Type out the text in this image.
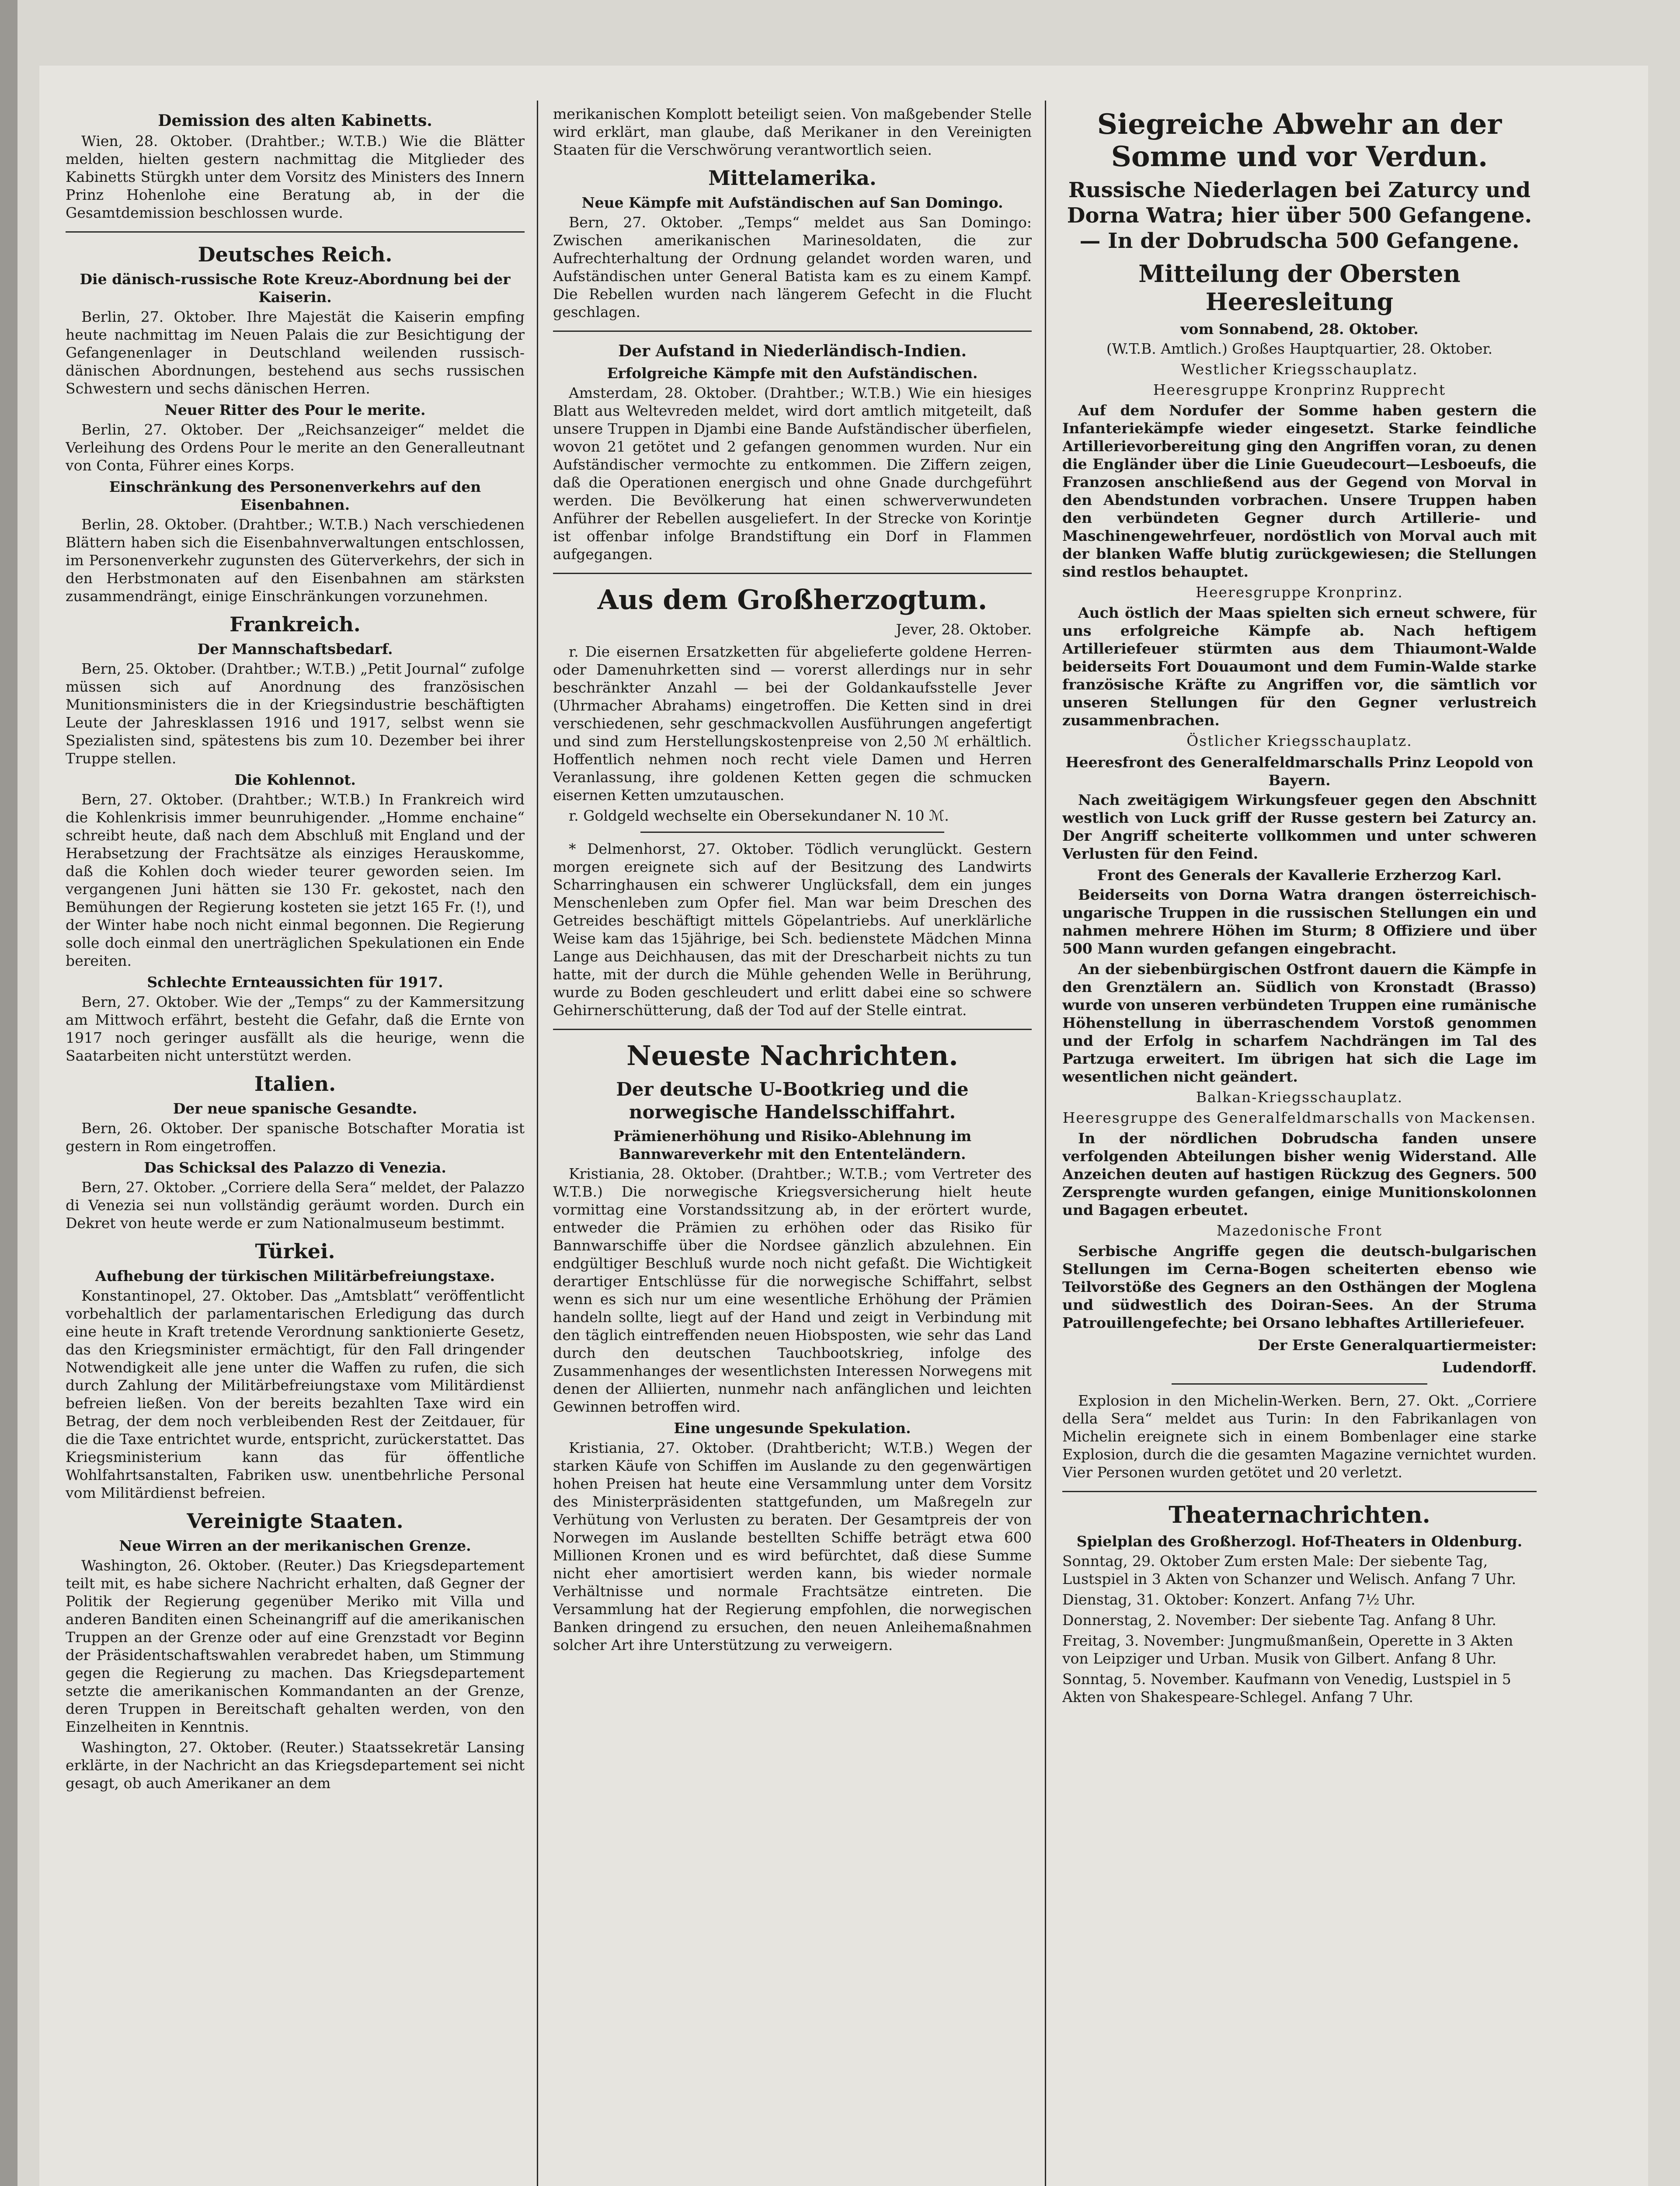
Demission des alten Kabinetts.

Wien, 28. Oktober. (Drahtber.; W.T.B.) Wie die Blätter melden, hielten gestern nachmittag die Mitglieder des Kabinetts Stürgkh unter dem Vorsitz des Ministers des Innern Prinz Hohenlohe eine Beratung ab, in der die Gesamtdemission beschlossen wurde.

Deutsches Reich.
Die dänisch-russische Rote Kreuz-Abordnung bei der Kaiserin.

Berlin, 27. Oktober. Ihre Majestät die Kaiserin empfing heute nachmittag im Neuen Palais die zur Besichtigung der Gefangenenlager in Deutschland weilenden russisch-dänischen Abordnungen, bestehend aus sechs russischen Schwestern und sechs dänischen Herren.

Neuer Ritter des Pour le merite.

Berlin, 27. Oktober. Der „Reichsanzeiger“ meldet die Verleihung des Ordens Pour le merite an den Generalleutnant von Conta, Führer eines Korps.

Einschränkung des Personenverkehrs auf den Eisenbahnen.

Berlin, 28. Oktober. (Drahtber.; W.T.B.) Nach verschiedenen Blättern haben sich die Eisenbahnverwaltungen entschlossen, im Personenverkehr zugunsten des Güterverkehrs, der sich in den Herbstmonaten auf den Eisenbahnen am stärksten zusammendrängt, einige Einschränkungen vorzunehmen.

Frankreich.
Der Mannschaftsbedarf.

Bern, 25. Oktober. (Drahtber.; W.T.B.) „Petit Journal“ zufolge müssen sich auf Anordnung des französischen Munitionsministers die in der Kriegsindustrie beschäftigten Leute der Jahresklassen 1916 und 1917, selbst wenn sie Spezialisten sind, spätestens bis zum 10. Dezember bei ihrer Truppe stellen.

Die Kohlennot.

Bern, 27. Oktober. (Drahtber.; W.T.B.) In Frankreich wird die Kohlenkrisis immer beunruhigender. „Homme enchaine“ schreibt heute, daß nach dem Abschluß mit England und der Herabsetzung der Frachtsätze als einziges Herauskomme, daß die Kohlen doch wieder teurer geworden seien. Im vergangenen Juni hätten sie 130 Fr. gekostet, nach den Bemühungen der Regierung kosteten sie jetzt 165 Fr. (!), und der Winter habe noch nicht einmal begonnen. Die Regierung solle doch einmal den unerträglichen Spekulationen ein Ende bereiten.

Schlechte Ernteaussichten für 1917.

Bern, 27. Oktober. Wie der „Temps“ zu der Kammersitzung am Mittwoch erfährt, besteht die Gefahr, daß die Ernte von 1917 noch geringer ausfällt als die heurige, wenn die Saatarbeiten nicht unterstützt werden.

Italien.
Der neue spanische Gesandte.

Bern, 26. Oktober. Der spanische Botschafter Moratia ist gestern in Rom eingetroffen.

Das Schicksal des Palazzo di Venezia.

Bern, 27. Oktober. „Corriere della Sera“ meldet, der Palazzo di Venezia sei nun vollständig geräumt worden. Durch ein Dekret von heute werde er zum Nationalmuseum bestimmt.

Türkei.
Aufhebung der türkischen Militärbefreiungstaxe.

Konstantinopel, 27. Oktober. Das „Amtsblatt“ veröffentlicht vorbehaltlich der parlamentarischen Erledigung das durch eine heute in Kraft tretende Verordnung sanktionierte Gesetz, das den Kriegsminister ermächtigt, für den Fall dringender Notwendigkeit alle jene unter die Waffen zu rufen, die sich durch Zahlung der Militärbefreiungstaxe vom Militärdienst befreien ließen. Von der bereits bezahlten Taxe wird ein Betrag, der dem noch verbleibenden Rest der Zeitdauer, für die die Taxe entrichtet wurde, entspricht, zurückerstattet. Das Kriegsministerium kann das für öffentliche Wohlfahrtsanstalten, Fabriken usw. unentbehrliche Personal vom Militärdienst befreien.

Vereinigte Staaten.
Neue Wirren an der merikanischen Grenze.

Washington, 26. Oktober. (Reuter.) Das Kriegsdepartement teilt mit, es habe sichere Nachricht erhalten, daß Gegner der Politik der Regierung gegenüber Meriko mit Villa und anderen Banditen einen Scheinangriff auf die amerikanischen Truppen an der Grenze oder auf eine Grenzstadt vor Beginn der Präsidentschaftswahlen verabredet haben, um Stimmung gegen die Regierung zu machen. Das Kriegsdepartement setzte die amerikanischen Kommandanten an der Grenze, deren Truppen in Bereitschaft gehalten werden, von den Einzelheiten in Kenntnis.

Washington, 27. Oktober. (Reuter.) Staatssekretär Lansing erklärte, in der Nachricht an das Kriegsdepartement sei nicht gesagt, ob auch Amerikaner an dem

merikanischen Komplott beteiligt seien. Von maßgebender Stelle wird erklärt, man glaube, daß Merikaner in den Vereinigten Staaten für die Verschwörung verantwortlich seien.

Mittelamerika.
Neue Kämpfe mit Aufständischen auf San Domingo.

Bern, 27. Oktober. „Temps“ meldet aus San Domingo: Zwischen amerikanischen Marinesoldaten, die zur Aufrechterhaltung der Ordnung gelandet worden waren, und Aufständischen unter General Batista kam es zu einem Kampf. Die Rebellen wurden nach längerem Gefecht in die Flucht geschlagen.

Der Aufstand in Niederländisch-Indien.
Erfolgreiche Kämpfe mit den Aufständischen.

Amsterdam, 28. Oktober. (Drahtber.; W.T.B.) Wie ein hiesiges Blatt aus Weltevreden meldet, wird dort amtlich mitgeteilt, daß unsere Truppen in Djambi eine Bande Aufständischer überfielen, wovon 21 getötet und 2 gefangen genommen wurden. Nur ein Aufständischer vermochte zu entkommen. Die Ziffern zeigen, daß die Operationen energisch und ohne Gnade durchgeführt werden. Die Bevölkerung hat einen schwerverwundeten Anführer der Rebellen ausgeliefert. In der Strecke von Korintje ist offenbar infolge Brandstiftung ein Dorf in Flammen aufgegangen.

Aus dem Großherzogtum.
Jever, 28. Oktober.

r. Die eisernen Ersatzketten für abgelieferte goldene Herren- oder Damenuhrketten sind — vorerst allerdings nur in sehr beschränkter Anzahl — bei der Goldankaufsstelle Jever (Uhrmacher Abrahams) eingetroffen. Die Ketten sind in drei verschiedenen, sehr geschmackvollen Ausführungen angefertigt und sind zum Herstellungskostenpreise von 2,50 ℳ erhältlich. Hoffentlich nehmen noch recht viele Damen und Herren Veranlassung, ihre goldenen Ketten gegen die schmucken eisernen Ketten umzutauschen.

r. Goldgeld wechselte ein Obersekundaner N. 10 ℳ.

* Delmenhorst, 27. Oktober. Tödlich verunglückt. Gestern morgen ereignete sich auf der Besitzung des Landwirts Scharringhausen ein schwerer Unglücksfall, dem ein junges Menschenleben zum Opfer fiel. Man war beim Dreschen des Getreides beschäftigt mittels Göpelantriebs. Auf unerklärliche Weise kam das 15jährige, bei Sch. bedienstete Mädchen Minna Lange aus Deichhausen, das mit der Drescharbeit nichts zu tun hatte, mit der durch die Mühle gehenden Welle in Berührung, wurde zu Boden geschleudert und erlitt dabei eine so schwere Gehirnerschütterung, daß der Tod auf der Stelle eintrat.

Neueste Nachrichten.
Der deutsche U-Bootkrieg und die norwegische Handelsschiffahrt.
Prämienerhöhung und Risiko-Ablehnung im Bannwareverkehr mit den Ententeländern.

Kristiania, 28. Oktober. (Drahtber.; W.T.B.; vom Vertreter des W.T.B.) Die norwegische Kriegsversicherung hielt heute vormittag eine Vorstandssitzung ab, in der erörtert wurde, entweder die Prämien zu erhöhen oder das Risiko für Bannwarschiffe über die Nordsee gänzlich abzulehnen. Ein endgültiger Beschluß wurde noch nicht gefaßt. Die Wichtigkeit derartiger Entschlüsse für die norwegische Schiffahrt, selbst wenn es sich nur um eine wesentliche Erhöhung der Prämien handeln sollte, liegt auf der Hand und zeigt in Verbindung mit den täglich eintreffenden neuen Hiobsposten, wie sehr das Land durch den deutschen Tauchbootskrieg, infolge des Zusammenhanges der wesentlichsten Interessen Norwegens mit denen der Alliierten, nunmehr nach anfänglichen und leichten Gewinnen betroffen wird.

Eine ungesunde Spekulation.

Kristiania, 27. Oktober. (Drahtbericht; W.T.B.) Wegen der starken Käufe von Schiffen im Auslande zu den gegenwärtigen hohen Preisen hat heute eine Versammlung unter dem Vorsitz des Ministerpräsidenten stattgefunden, um Maßregeln zur Verhütung von Verlusten zu beraten. Der Gesamtpreis der von Norwegen im Auslande bestellten Schiffe beträgt etwa 600 Millionen Kronen und es wird befürchtet, daß diese Summe nicht eher amortisiert werden kann, bis wieder normale Verhältnisse und normale Frachtsätze eintreten. Die Versammlung hat der Regierung empfohlen, die norwegischen Banken dringend zu ersuchen, den neuen Anleihemaßnahmen solcher Art ihre Unterstützung zu verweigern.

Siegreiche Abwehr an der Somme und vor Verdun.
Russische Niederlagen bei Zaturcy und Dorna Watra; hier über 500 Gefangene. — In der Dobrudscha 500 Gefangene.
Mitteilung der Obersten Heeresleitung
vom Sonnabend, 28. Oktober.

(W.T.B. Amtlich.) Großes Hauptquartier, 28. Oktober.

Westlicher Kriegsschauplatz.
Heeresgruppe Kronprinz Rupprecht

Auf dem Nordufer der Somme haben gestern die Infanteriekämpfe wieder eingesetzt. Starke feindliche Artillerievorbereitung ging den Angriffen voran, zu denen die Engländer über die Linie Gueudecourt—Lesboeufs, die Franzosen anschließend aus der Gegend von Morval in den Abendstunden vorbrachen. Unsere Truppen haben den verbündeten Gegner durch Artillerie- und Maschinengewehrfeuer, nordöstlich von Morval auch mit der blanken Waffe blutig zurückgewiesen; die Stellungen sind restlos behauptet.

Heeresgruppe Kronprinz.

Auch östlich der Maas spielten sich erneut schwere, für uns erfolgreiche Kämpfe ab. Nach heftigem Artilleriefeuer stürmten aus dem Thiaumont-Walde beiderseits Fort Douaumont und dem Fumin-Walde starke französische Kräfte zu Angriffen vor, die sämtlich vor unseren Stellungen für den Gegner verlustreich zusammenbrachen.

Östlicher Kriegsschauplatz.
Heeresfront des Generalfeldmarschalls Prinz Leopold von Bayern.

Nach zweitägigem Wirkungsfeuer gegen den Abschnitt westlich von Luck griff der Russe gestern bei Zaturcy an. Der Angriff scheiterte vollkommen und unter schweren Verlusten für den Feind.

Front des Generals der Kavallerie Erzherzog Karl.

Beiderseits von Dorna Watra drangen österreichisch-ungarische Truppen in die russischen Stellungen ein und nahmen mehrere Höhen im Sturm; 8 Offiziere und über 500 Mann wurden gefangen eingebracht.

An der siebenbürgischen Ostfront dauern die Kämpfe in den Grenztälern an. Südlich von Kronstadt (Brasso) wurde von unseren verbündeten Truppen eine rumänische Höhenstellung in überraschendem Vorstoß genommen und der Erfolg in scharfem Nachdrängen im Tal des Partzuga erweitert. Im übrigen hat sich die Lage im wesentlichen nicht geändert.

Balkan-Kriegsschauplatz.
Heeresgruppe des Generalfeldmarschalls von Mackensen.

In der nördlichen Dobrudscha fanden unsere verfolgenden Abteilungen bisher wenig Widerstand. Alle Anzeichen deuten auf hastigen Rückzug des Gegners. 500 Zersprengte wurden gefangen, einige Munitionskolonnen und Bagagen erbeutet.

Mazedonische Front

Serbische Angriffe gegen die deutsch-bulgarischen Stellungen im Cerna-Bogen scheiterten ebenso wie Teilvorstöße des Gegners an den Osthängen der Moglena und südwestlich des Doiran-Sees. An der Struma Patrouillengefechte; bei Orsano lebhaftes Artilleriefeuer.

Der Erste Generalquartiermeister:
Ludendorff.

Explosion in den Michelin-Werken. Bern, 27. Okt. „Corriere della Sera“ meldet aus Turin: In den Fabrikanlagen von Michelin ereignete sich in einem Bombenlager eine starke Explosion, durch die die gesamten Magazine vernichtet wurden. Vier Personen wurden getötet und 20 verletzt.

Theaternachrichten.
Spielplan des Großherzogl. Hof-Theaters in Oldenburg.
Sonntag, 29. Oktober Zum ersten Male: Der siebente Tag, Lustspiel in 3 Akten von Schanzer und Welisch. Anfang 7 Uhr.
Dienstag, 31. Oktober: Konzert. Anfang 7½ Uhr.
Donnerstag, 2. November: Der siebente Tag. Anfang 8 Uhr.
Freitag, 3. November: Jungmußmanßein, Operette in 3 Akten von Leipziger und Urban. Musik von Gilbert. Anfang 8 Uhr.
Sonntag, 5. November. Kaufmann von Venedig, Lustspiel in 5 Akten von Shakespeare-Schlegel. Anfang 7 Uhr.
